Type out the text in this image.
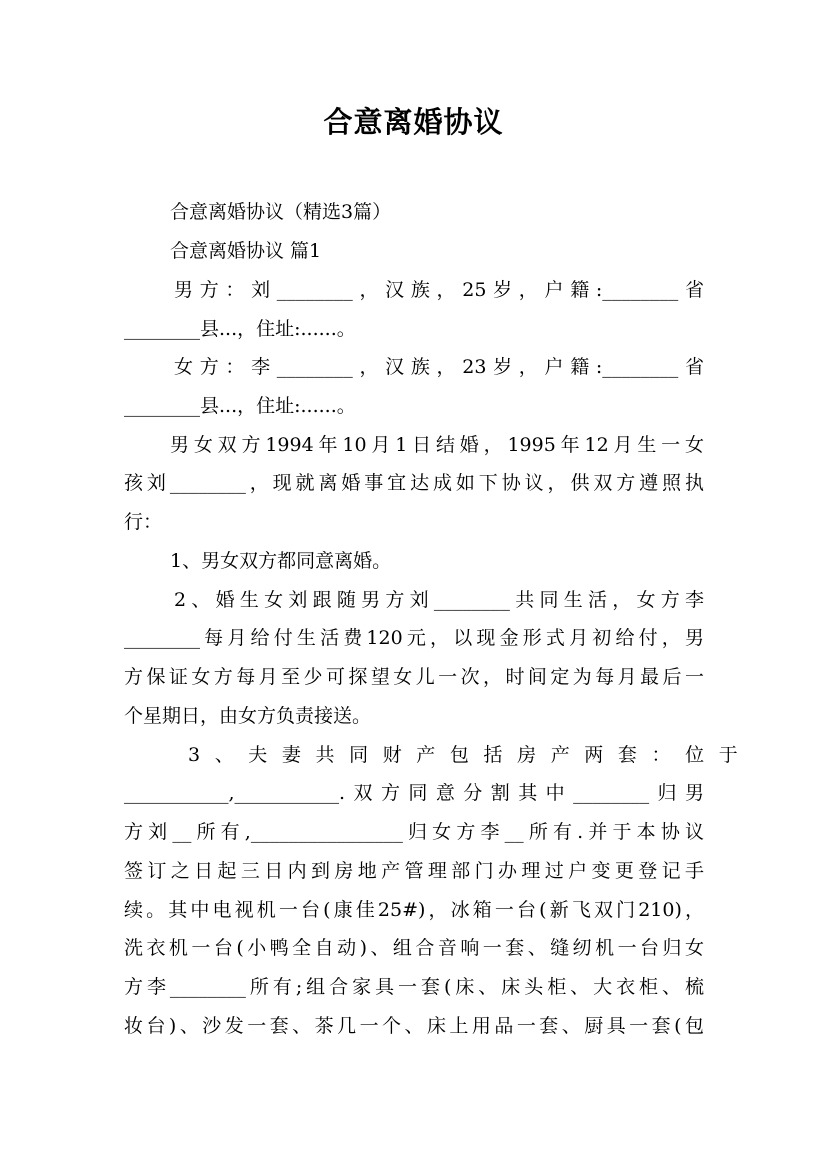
合意离婚协议
合意离婚协议（精选3篇）
合意离婚协议 篇1
男方：刘________，汉族，25岁，户籍:________省
________县...，住址:......。
女方：李________，汉族，23岁，户籍:________省
________县...，住址:......。
男女双方1994年10月1日结婚，1995年12月生一女
孩刘________，现就离婚事宜达成如下协议，供双方遵照执
行：
1、男女双方都同意离婚。
2、婚生女刘跟随男方刘________共同生活，女方李
________每月给付生活费120元，以现金形式月初给付，男
方保证女方每月至少可探望女儿一次，时间定为每月最后一
个星期日，由女方负责接送。
3、夫妻共同财产包括房产两套：位于
___________,___________.双方同意分割其中________归男
方刘__所有,________________归女方李__所有.并于本协议
签订之日起三日内到房地产管理部门办理过户变更登记手
续。其中电视机一台(康佳25#)，冰箱一台(新飞双门210)，
洗衣机一台(小鸭全自动)、组合音响一套、缝纫机一台归女
方李________所有;组合家具一套(床、床头柜、大衣柜、梳
妆台)、沙发一套、茶几一个、床上用品一套、厨具一套(包
